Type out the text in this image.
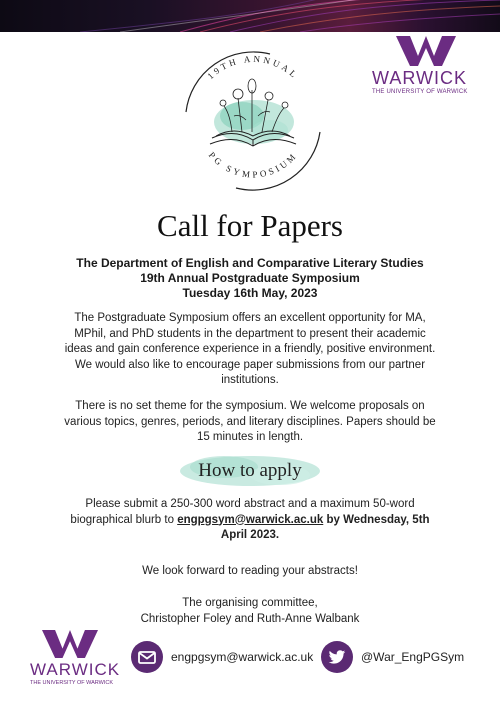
WARWICK
THE UNIVERSITY OF WARWICK
19TH ANNUAL
PG SYMPOSIUM
Call for Papers
The Department of English and Comparative Literary Studies
19th Annual Postgraduate Symposium
Tuesday 16th May, 2023
The Postgraduate Symposium offers an excellent opportunity for MA,
MPhil, and PhD students in the department to present their academic
ideas and gain conference experience in a friendly, positive environment.
We would also like to encourage paper submissions from our partner
institutions.
There is no set theme for the symposium. We welcome proposals on
various topics, genres, periods, and literary disciplines. Papers should be
15 minutes in length.
How to apply
Please submit a 250-300 word abstract and a maximum 50-word
biographical blurb to engpgsym@warwick.ac.uk by Wednesday, 5th
April 2023.
We look forward to reading your abstracts!
The organising committee,
Christopher Foley and Ruth-Anne Walbank
WARWICK
THE UNIVERSITY OF WARWICK
engpgsym@warwick.ac.uk	@War_EngPGSym
